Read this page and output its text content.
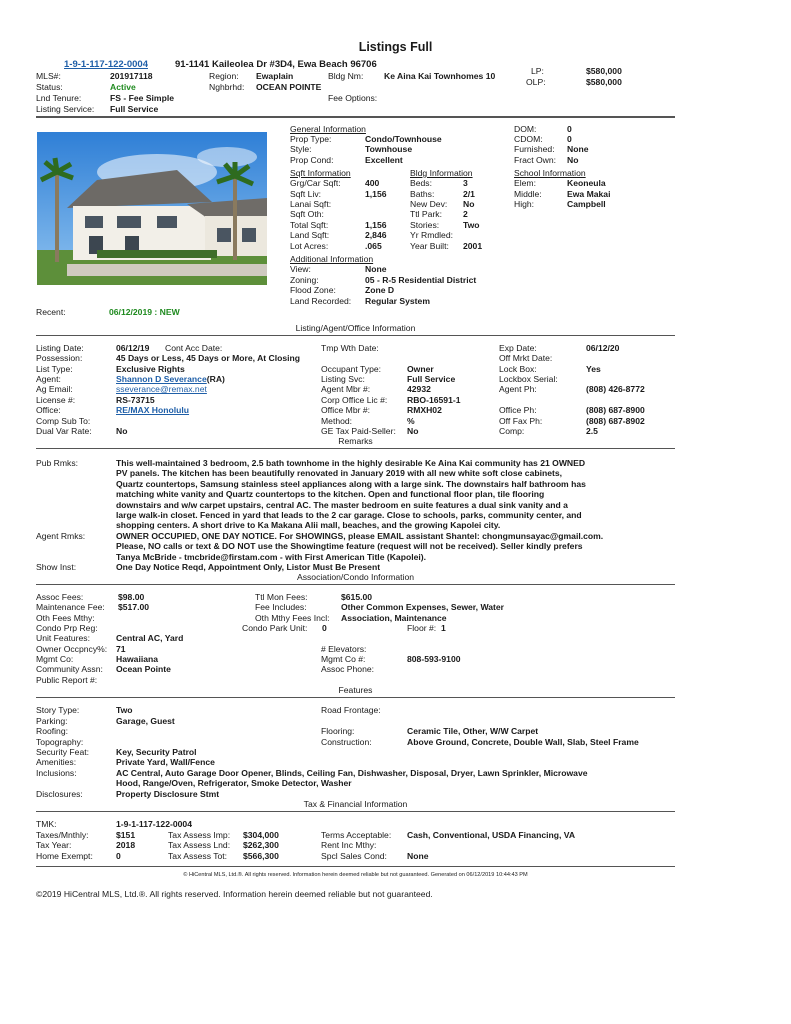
Listings Full
1-9-1-117-122-0004	91-1141 Kaileolea Dr #3D4, Ewa Beach 96706
MLS#:	201917118	Region: Ewaplain	Bldg Nm: Ke Aina Kai Townhomes 10	LP:	$580,000
OLP:	$580,000
Status:	Active	Nghbrhd: OCEAN POINTE
Lnd Tenure:	FS - Fee Simple	Fee Options:
Listing Service: Full Service
General Information
Prop Type:	Condo/Townhouse
Style:	Townhouse
Prop Cond:	Excellent
DOM:	0
CDOM:	0
Furnished: None
Fract Own: No
Sqft Information
Grg/Car Sqft:	400
Sqft Liv:	1,156
Lanai Sqft:
Sqft Oth:
Total Sqft:	1,156
Land Sqft:	2,846
Lot Acres:	.065
Bldg Information
Beds:	3
Baths:	2/1
New Dev: No
Ttl Park: 2
Stories:	Two
Yr Rmdled:
Year Built: 2001
School Information
Elem:	Keoneula
Middle:	Ewa Makai
High:	Campbell
Additional Information
View:	None
Zoning:	05 - R-5 Residential District
Flood Zone:	Zone D
Land Recorded: Regular System
Recent:	06/12/2019 : NEW
Listing/Agent/Office Information
Listing Date:	06/12/19 Cont Acc Date:	Tmp Wth Date:	Exp Date:	06/12/20
Possession:	45 Days or Less, 45 Days or More, At Closing	Off Mrkt Date:
List Type:	Exclusive Rights	Occupant Type:	Owner	Lock Box:	Yes
Agent:	Shannon D Severance(RA)	Listing Svc:	Full Service	Lockbox Serial:
Ag Email:	sseverance@remax.net	Agent Mbr #:	42932	Agent Ph:	(808) 426-8772
License #:	RS-73715	Corp Office Lic #: RBO-16591-1
Office:	RE/MAX Honolulu	Office Mbr #:	RMXH02	Office Ph:	(808) 687-8900
Comp Sub To:	Method:	%	Off Fax Ph:	(808) 687-8902
Dual Var Rate:	No	GE Tax Paid-Seller: No	Comp:	2.5
Remarks
Pub Rmks:	This well-maintained 3 bedroom, 2.5 bath townhome in the highly desirable Ke Aina Kai community has 21 OWNED
PV panels. The kitchen has been beautifully renovated in January 2019 with all new white soft close cabinets,
Quartz countertops, Samsung stainless steel appliances along with a large sink. The downstairs half bathroom has
matching white vanity and Quartz countertops to the kitchen. Open and functional floor plan, tile flooring
downstairs and w/w carpet upstairs, central AC. The master bedroom en suite features a dual sink vanity and a
large walk-in closet. Fenced in yard that leads to the 2 car garage. Close to schools, parks, community center, and
shopping centers. A short drive to Ka Makana Alii mall, beaches, and the growing Kapolei city.
Agent Rmks:	OWNER OCCUPIED, ONE DAY NOTICE. For SHOWINGS, please EMAIL assistant Shantel: chongmunsayac@gmail.com.
Please, NO calls or text & DO NOT use the Showingtime feature (request will not be received). Seller kindly prefers
Tanya McBride - tmcbride@firstam.com - with First American Title (Kapolei).
Show Inst:	One Day Notice Reqd, Appointment Only, Listor Must Be Present
Association/Condo Information
Assoc Fees:	$98.00	Ttl Mon Fees:	$615.00
Maintenance Fee: $517.00	Fee Includes:	Other Common Expenses, Sewer, Water
Oth Fees Mthy:	Oth Mthy Fees Incl: Association, Maintenance
Condo Prp Reg:	Condo Park Unit: 0	Floor #: 1
Unit Features:	Central AC, Yard
Owner Occpncy%: 71	# Elevators:
Mgmt Co:	Hawaiiana	Mgmt Co #:	808-593-9100
Community Assn: Ocean Pointe	Assoc Phone:
Public Report #:
Features
Story Type:	Two	Road Frontage:
Parking:	Garage, Guest
Roofing:	Flooring:	Ceramic Tile, Other, W/W Carpet
Topography:	Construction:	Above Ground, Concrete, Double Wall, Slab, Steel Frame
Security Feat:	Key, Security Patrol
Amenities:	Private Yard, Wall/Fence
Inclusions:	AC Central, Auto Garage Door Opener, Blinds, Ceiling Fan, Dishwasher, Disposal, Dryer, Lawn Sprinkler, Microwave
Hood, Range/Oven, Refrigerator, Smoke Detector, Washer
Disclosures:	Property Disclosure Stmt
Tax & Financial Information
TMK:	1-9-1-117-122-0004
Taxes/Mnthly:	$151	Tax Assess Imp: $304,000	Terms Acceptable: Cash, Conventional, USDA Financing, VA
Tax Year:	2018	Tax Assess Lnd: $262,300	Rent Inc Mthy:
Home Exempt:	0	Tax Assess Tot: $566,300	Spcl Sales Cond: None
© HiCentral MLS, Ltd.®. All rights reserved. Information herein deemed reliable but not guaranteed. Generated on 06/12/2019 10:44:43 PM
©2019 HiCentral MLS, Ltd.®. All rights reserved. Information herein deemed reliable but not guaranteed.
